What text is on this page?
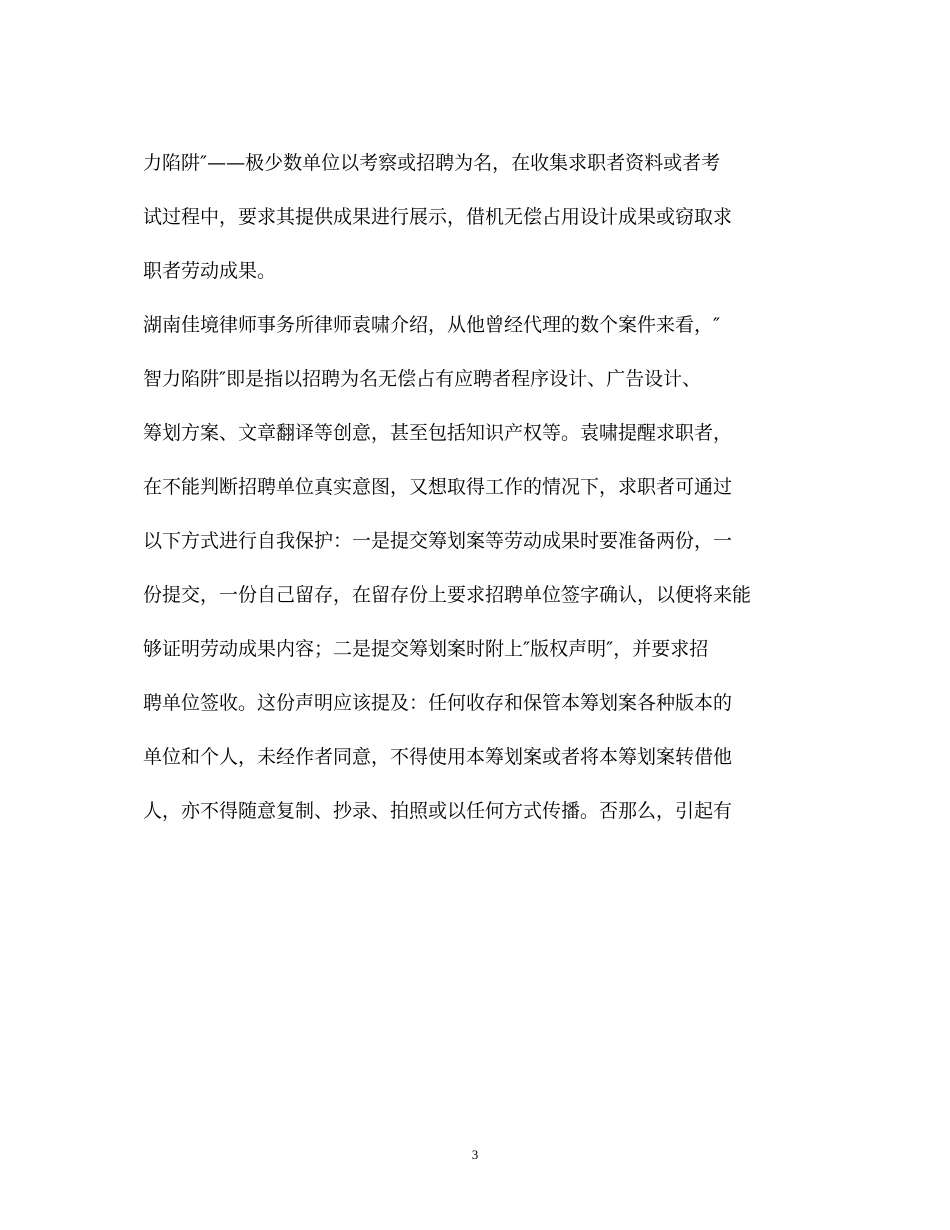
力陷阱″——极少数单位以考察或招聘为名，在收集求职者资料或者考
试过程中，要求其提供成果进行展示，借机无偿占用设计成果或窃取求
职者劳动成果。
湖南佳境律师事务所律师袁啸介绍，从他曾经代理的数个案件来看，″
智力陷阱″即是指以招聘为名无偿占有应聘者程序设计、广告设计、
筹划方案、文章翻译等创意，甚至包括知识产权等。袁啸提醒求职者，
在不能判断招聘单位真实意图，又想取得工作的情况下，求职者可通过
以下方式进行自我保护：一是提交筹划案等劳动成果时要准备两份，一
份提交，一份自己留存，在留存份上要求招聘单位签字确认，以便将来能
够证明劳动成果内容；二是提交筹划案时附上″版权声明″，并要求招
聘单位签收。这份声明应该提及：任何收存和保管本筹划案各种版本的
单位和个人，未经作者同意，不得使用本筹划案或者将本筹划案转借他
人，亦不得随意复制、抄录、拍照或以任何方式传播。否那么，引起有
3
